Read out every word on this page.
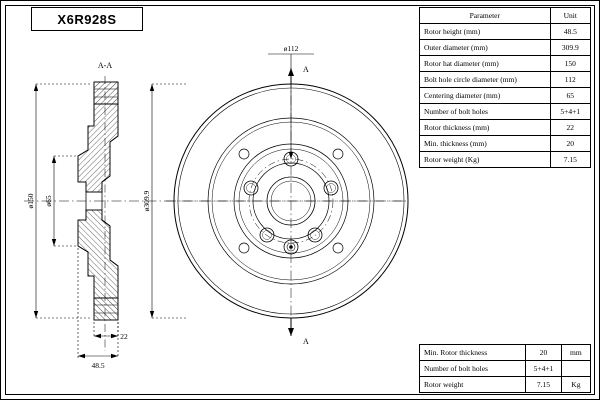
X6R928S	Parameter	Unit
Rotor height (mm)	48.5
Outer diameter (mm)	309.9
Rotor hat diameter (mm)	150
Bolt hole circle diameter (mm)	112
Centering diameter (mm)	65
Number of bolt holes	5+4+1
Rotor thickness (mm)	22
Min. thickness (mm)	20
Rotor weight (Kg)	7.15
Min. Rotor thickness	20	mm
Number of bolt holes	5+4+1	
Rotor weight	7.15	Kg
A-A
ø150 ø65
22
48.5
ø112
ø309.9
A
A
